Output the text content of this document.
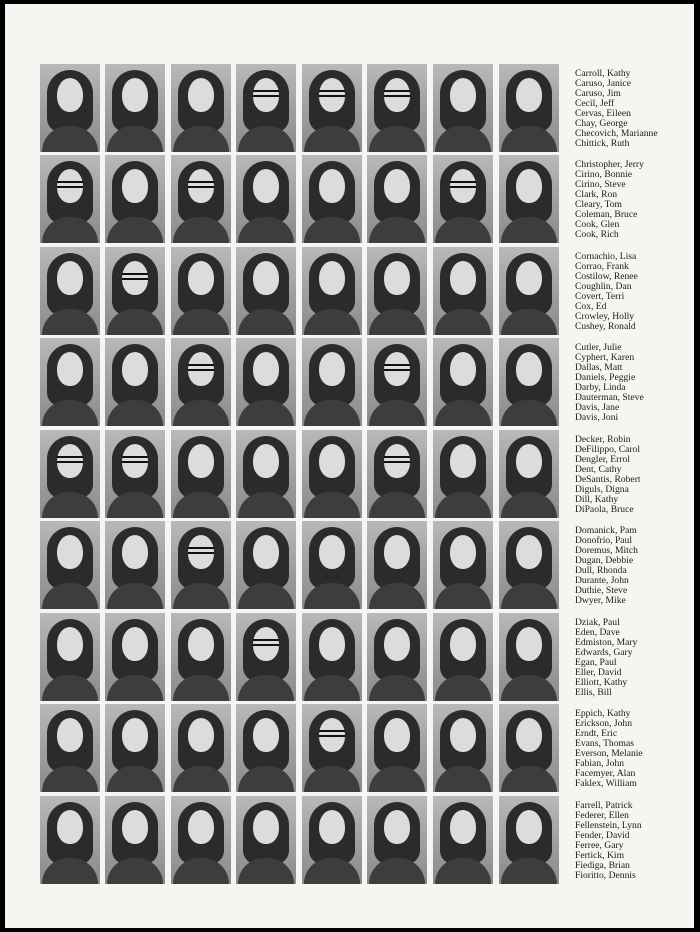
Carroll, Kathy
Caruso, Janice
Caruso, Jim
Cecil, Jeff
Cervas, Eileen
Chay, George
Checovich, Marianne
Chittick, Ruth
Christopher, Jerry
Cirino, Bonnie
Cirino, Steve
Clark, Ron
Cleary, Tom
Coleman, Bruce
Cook, Glen
Cook, Rich
Cornachio, Lisa
Corrao, Frank
Costilow, Renee
Coughlin, Dan
Covert, Terri
Cox, Ed
Crowley, Holly
Cushey, Ronald
Cutler, Julie
Cyphert, Karen
Dallas, Matt
Daniels, Peggie
Darby, Linda
Dauterman, Steve
Davis, Jane
Davis, Joni
Decker, Robin
DeFilippo, Carol
Dengler, Errol
Dent, Cathy
DeSantis, Robert
Diguls, Digna
Dill, Kathy
DiPaola, Bruce
Domanick, Pam
Donofrio, Paul
Doremus, Mitch
Dugan, Debbie
Dull, Rhonda
Durante, John
Duthie, Steve
Dwyer, Mike
Dziak, Paul
Eden, Dave
Edmiston, Mary
Edwards, Gary
Egan, Paul
Eller, David
Elliott, Kathy
Ellis, Bill
Eppich, Kathy
Erickson, John
Erndt, Eric
Evans, Thomas
Everson, Melanie
Fabian, John
Facemyer, Alan
Faklex, William
Farrell, Patrick
Federer, Ellen
Fellenstein, Lynn
Fender, David
Ferree, Gary
Fertick, Kim
Fiediga, Brian
Fioritto, Dennis
